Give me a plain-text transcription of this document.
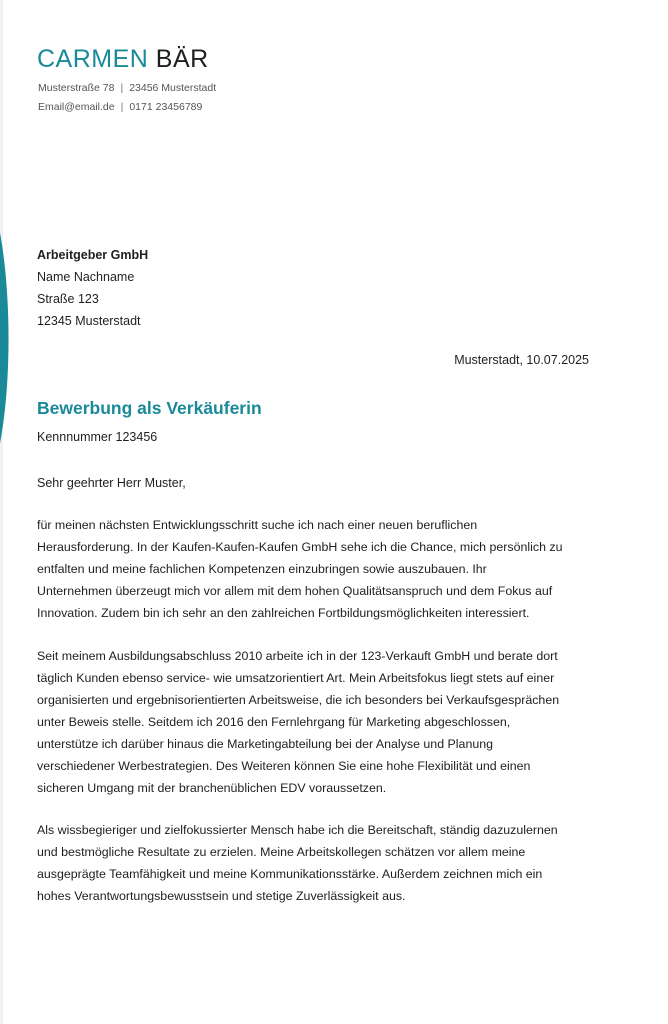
CARMEN BÄR
Musterstraße 78 | 23456 Musterstadt
Email@email.de | 0171 23456789
Arbeitgeber GmbH
Name Nachname
Straße 123
12345 Musterstadt
Musterstadt, 10.07.2025
Bewerbung als Verkäuferin
Kennnummer 123456
Sehr geehrter Herr Muster,
für meinen nächsten Entwicklungsschritt suche ich nach einer neuen beruflichen
Herausforderung. In der Kaufen-Kaufen-Kaufen GmbH sehe ich die Chance, mich persönlich zu
entfalten und meine fachlichen Kompetenzen einzubringen sowie auszubauen. Ihr
Unternehmen überzeugt mich vor allem mit dem hohen Qualitätsanspruch und dem Fokus auf
Innovation. Zudem bin ich sehr an den zahlreichen Fortbildungsmöglichkeiten interessiert.
Seit meinem Ausbildungsabschluss 2010 arbeite ich in der 123-Verkauft GmbH und berate dort
täglich Kunden ebenso service- wie umsatzorientiert Art. Mein Arbeitsfokus liegt stets auf einer
organisierten und ergebnisorientierten Arbeitsweise, die ich besonders bei Verkaufsgesprächen
unter Beweis stelle. Seitdem ich 2016 den Fernlehrgang für Marketing abgeschlossen,
unterstütze ich darüber hinaus die Marketingabteilung bei der Analyse und Planung
verschiedener Werbestrategien. Des Weiteren können Sie eine hohe Flexibilität und einen
sicheren Umgang mit der branchenüblichen EDV voraussetzen.
Als wissbegieriger und zielfokussierter Mensch habe ich die Bereitschaft, ständig dazuzulernen
und bestmögliche Resultate zu erzielen. Meine Arbeitskollegen schätzen vor allem meine
ausgeprägte Teamfähigkeit und meine Kommunikationsstärke. Außerdem zeichnen mich ein
hohes Verantwortungsbewusstsein und stetige Zuverlässigkeit aus.
